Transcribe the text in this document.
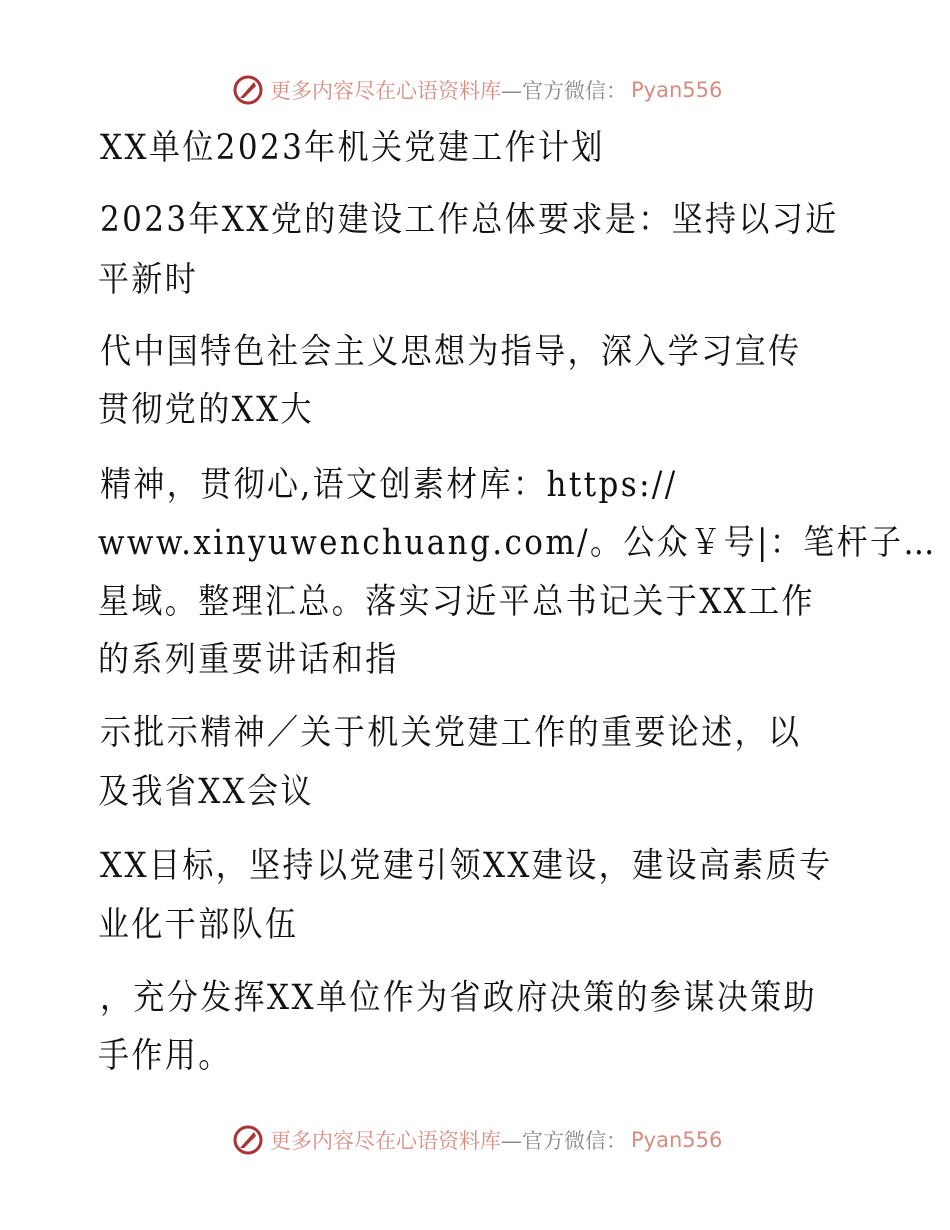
更多内容尽在心语资料库 —官方微信： Pyan556
XX单位2023年机关党建工作计划
2023年XX党的建设工作总体要求是：坚持以习近
平新时
代中国特色社会主义思想为指导，深入学习宣传
贯彻党的XX大
精神，贯彻心,语文创素材库：https://
www.xinyuwenchuang.com/。公众￥号|：笔杆子…
星域。整理汇总。落实习近平总书记关于XX工作
的系列重要讲话和指
示批示精神／关于机关党建工作的重要论述，以
及我省XX会议
XX目标，坚持以党建引领XX建设，建设高素质专
业化干部队伍
，充分发挥XX单位作为省政府决策的参谋决策助
手作用。
更多内容尽在心语资料库 —官方微信： Pyan556
